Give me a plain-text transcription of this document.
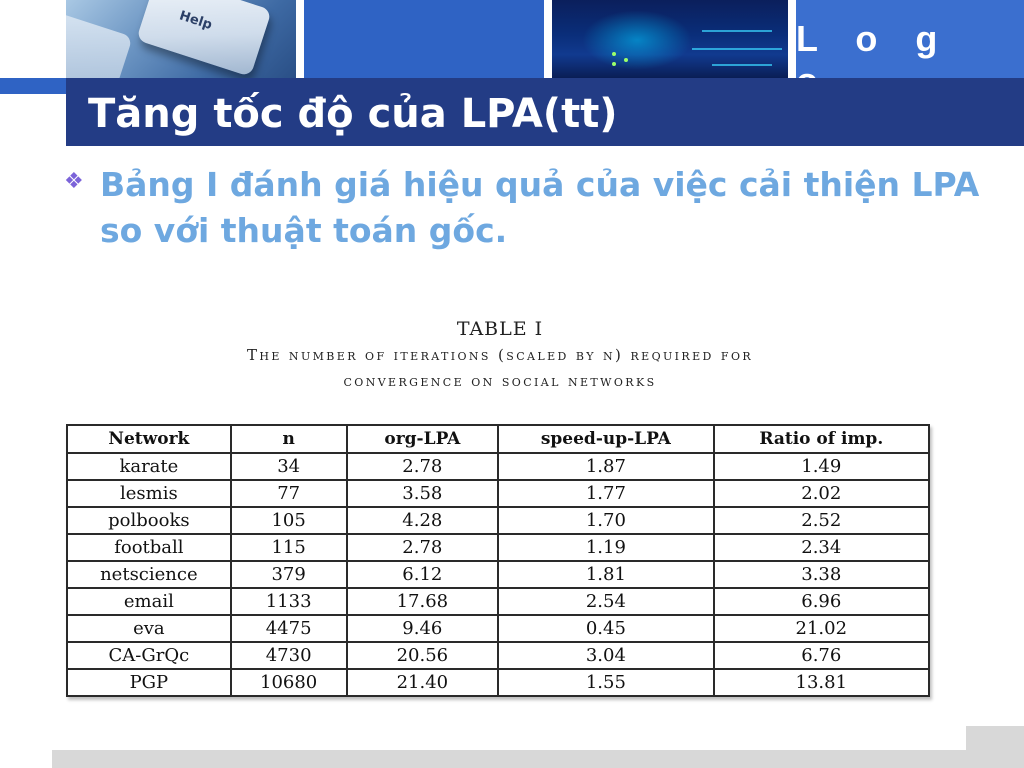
Help	L o g
Tăng tốc độ của LPA(tt)
❖ Bảng I đánh giá hiệu quả của việc cải thiện LPA so với thuật toán gốc.
TABLE I
The number of iterations (scaled by n) required for
convergence on social networks
Network	n	org-LPA	speed-up-LPA	Ratio of imp.
karate	34	2.78	1.87	1.49
lesmis	77	3.58	1.77	2.02
polbooks	105	4.28	1.70	2.52
football	115	2.78	1.19	2.34
netscience	379	6.12	1.81	3.38
email	1133	17.68	2.54	6.96
eva	4475	9.46	0.45	21.02
CA-GrQc	4730	20.56	3.04	6.76
PGP	10680	21.40	1.55	13.81
